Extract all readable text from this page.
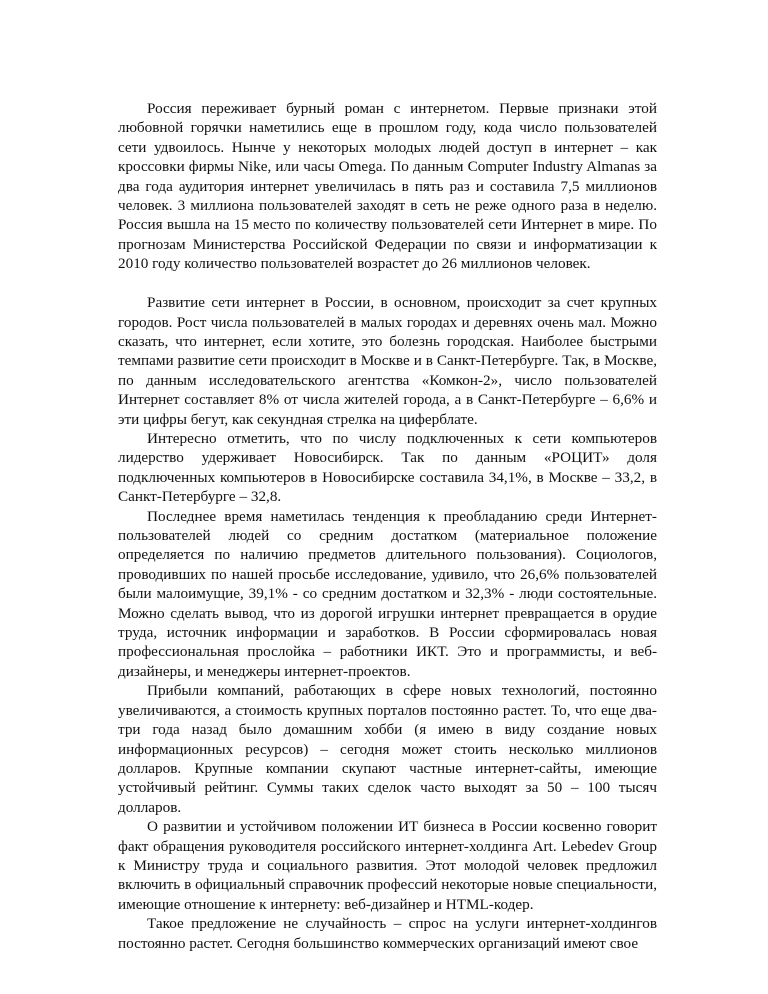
Россия переживает бурный роман с интернетом. Первые признаки этой любовной горячки наметились еще в прошлом году, кода число пользователей сети удвоилось. Нынче у некоторых молодых людей доступ в интернет – как кроссовки фирмы Nike, или часы Omega. По данным Computer Industry Almanas за два года аудитория интернет увеличилась в пять раз и составила 7,5 миллионов человек. 3 миллиона пользователей заходят в сеть не реже одного раза в неделю. Россия вышла на 15 место по количеству пользователей сети Интернет в мире. По прогнозам Министерства Российской Федерации по связи и информатизации к 2010 году количество пользователей возрастет до 26 миллионов человек.

Развитие сети интернет в России, в основном, происходит за счет крупных городов. Рост числа пользователей в малых городах и деревнях очень мал. Можно сказать, что интернет, если хотите, это болезнь городская. Наиболее быстрыми темпами развитие сети происходит в Москве и в Санкт-Петербурге. Так, в Москве, по данным исследовательского агентства «Комкон-2», число пользователей Интернет составляет 8% от числа жителей города, а в Санкт-Петербурге – 6,6% и эти цифры бегут, как секундная стрелка на циферблате.

Интересно отметить, что по числу подключенных к сети компьютеров лидерство удерживает Новосибирск. Так по данным «РОЦИТ» доля подключенных компьютеров в Новосибирске составила 34,1%, в Москве – 33,2, в Санкт-Петербурге – 32,8.

Последнее время наметилась тенденция к преобладанию среди Интернет-пользователей людей со средним достатком (материальное положение определяется по наличию предметов длительного пользования). Социологов, проводивших по нашей просьбе исследование, удивило, что 26,6% пользователей были малоимущие, 39,1% - со средним достатком и 32,3% - люди состоятельные. Можно сделать вывод, что из дорогой игрушки интернет превращается в орудие труда, источник информации и заработков. В России сформировалась новая профессиональная прослойка – работники ИКТ. Это и программисты, и веб-дизайнеры, и менеджеры интернет-проектов.

Прибыли компаний, работающих в сфере новых технологий, постоянно увеличиваются, а стоимость крупных порталов постоянно растет. То, что еще два-три года назад было домашним хобби (я имею в виду создание новых информационных ресурсов) – сегодня может стоить несколько миллионов долларов. Крупные компании скупают частные интернет-сайты, имеющие устойчивый рейтинг. Суммы таких сделок часто выходят за 50 – 100 тысяч долларов.

О развитии и устойчивом положении ИТ бизнеса в России косвенно говорит факт обращения руководителя российского интернет-холдинга Art. Lebedev Group к Министру труда и социального развития. Этот молодой человек предложил включить в официальный справочник профессий некоторые новые специальности, имеющие отношение к интернету: веб-дизайнер и HTML-кодер.

Такое предложение не случайность – спрос на услуги интернет-холдингов постоянно растет. Сегодня большинство коммерческих организаций имеют свое
